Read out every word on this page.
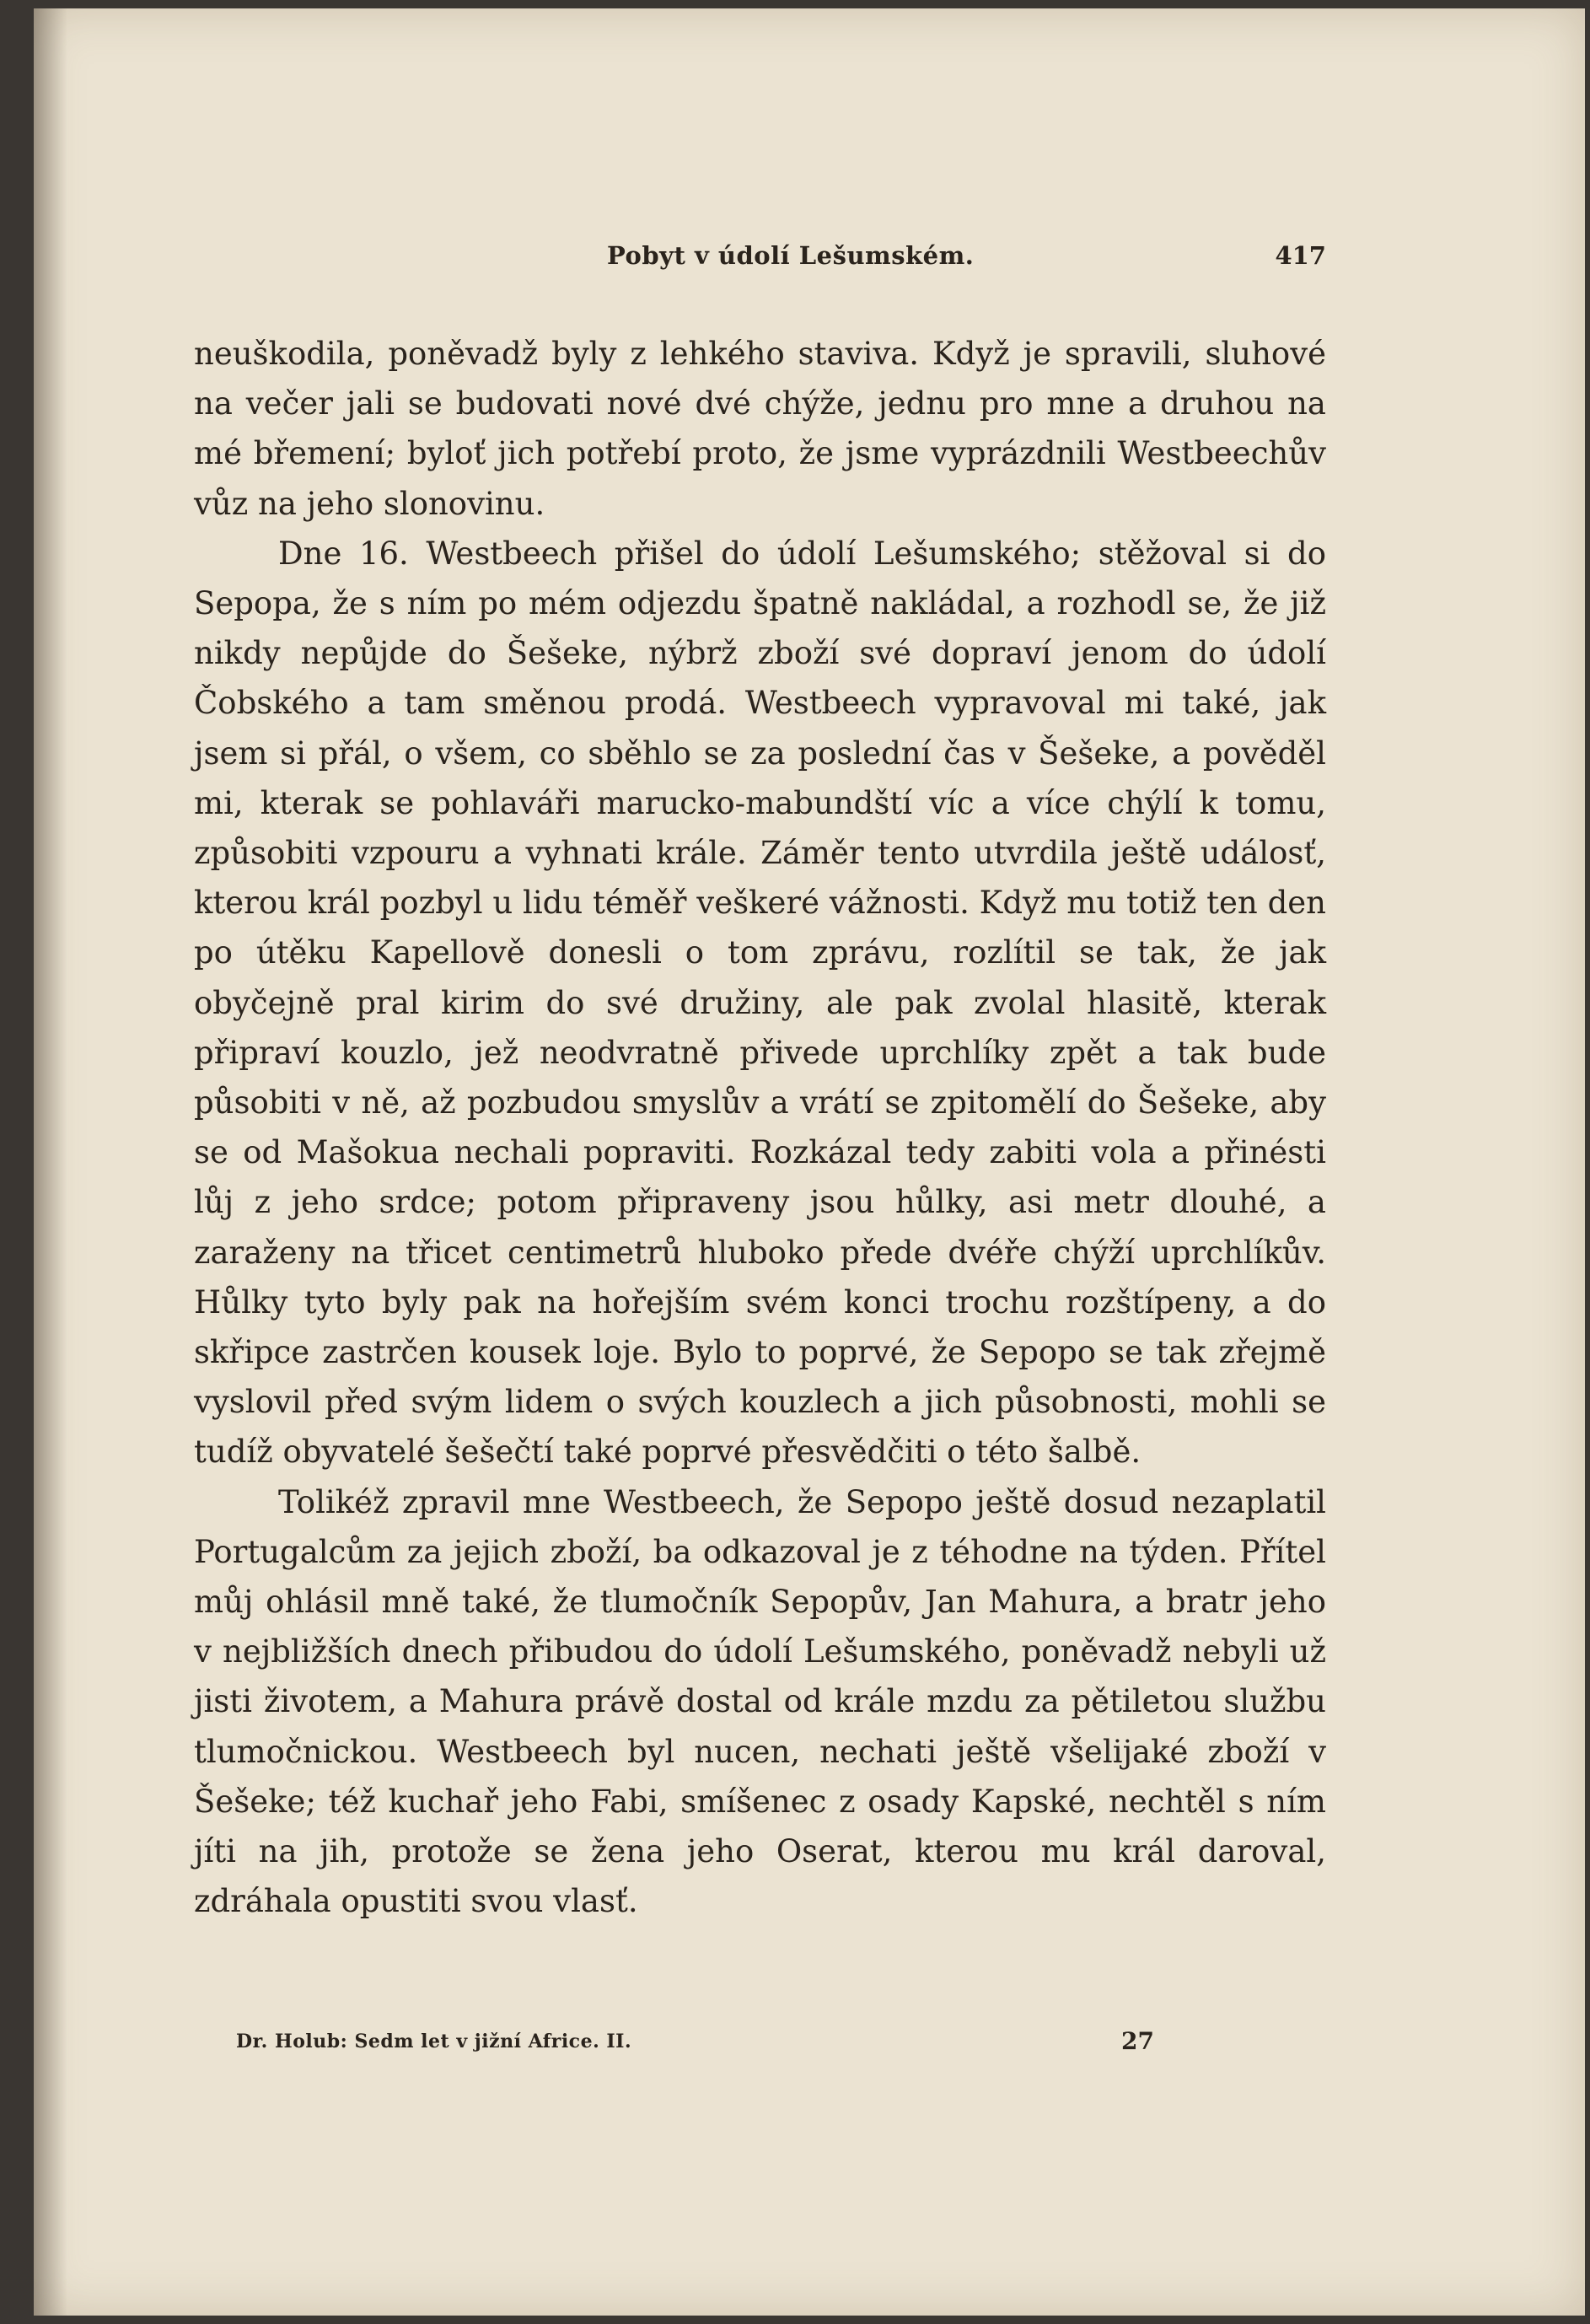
Pobyt v údolí Lešumském.	417

neuškodila, poněvadž byly z lehkého staviva. Když je spravili, sluhové na večer jali se budovati nové dvé chýže, jednu pro mne a druhou na mé břemení; byloť jich potřebí proto, že jsme vyprázdnili Westbeechův vůz na jeho slonovinu.

Dne 16. Westbeech přišel do údolí Lešumského; stěžoval si do Sepopa, že s ním po mém odjezdu špatně nakládal, a rozhodl se, že již nikdy nepůjde do Šešeke, nýbrž zboží své dopraví jenom do údolí Čobského a tam směnou prodá. Westbeech vypravoval mi také, jak jsem si přál, o všem, co sběhlo se za poslední čas v Šešeke, a pověděl mi, kterak se pohlaváři marucko-mabundští víc a více chýlí k tomu, způsobiti vzpouru a vyhnati krále. Záměr tento utvrdila ještě událosť, kterou král pozbyl u lidu téměř veškeré vážnosti. Když mu totiž ten den po útěku Kapellově donesli o tom zprávu, rozlítil se tak, že jak obyčejně pral kirim do své družiny, ale pak zvolal hlasitě, kterak připraví kouzlo, jež neodvratně přivede uprchlíky zpět a tak bude působiti v ně, až pozbudou smyslův a vrátí se zpitomělí do Šešeke, aby se od Mašokua nechali popraviti. Rozkázal tedy zabiti vola a přinésti lůj z jeho srdce; potom připraveny jsou hůlky, asi metr dlouhé, a zaraženy na třicet centimetrů hluboko přede dvéře chýží uprchlíkův. Hůlky tyto byly pak na hořejším svém konci trochu rozštípeny, a do skřipce zastrčen kousek loje. Bylo to poprvé, že Sepopo se tak zřejmě vyslovil před svým lidem o svých kouzlech a jich působnosti, mohli se tudíž obyvatelé šešečtí také poprvé přesvědčiti o této šalbě.

Tolikéž zpravil mne Westbeech, že Sepopo ještě dosud nezaplatil Portugalcům za jejich zboží, ba odkazoval je z téhodne na týden. Přítel můj ohlásil mně také, že tlumočník Sepopův, Jan Mahura, a bratr jeho v nejbližších dnech přibudou do údolí Lešumského, poněvadž nebyli už jisti životem, a Mahura právě dostal od krále mzdu za pětiletou službu tlumočnickou. Westbeech byl nucen, nechati ještě všelijaké zboží v Šešeke; též kuchař jeho Fabi, smíšenec z osady Kapské, nechtěl s ním jíti na jih, protože se žena jeho Oserat, kterou mu král daroval, zdráhala opustiti svou vlasť.

Dr. Holub: Sedm let v jižní Africe. II.	27
